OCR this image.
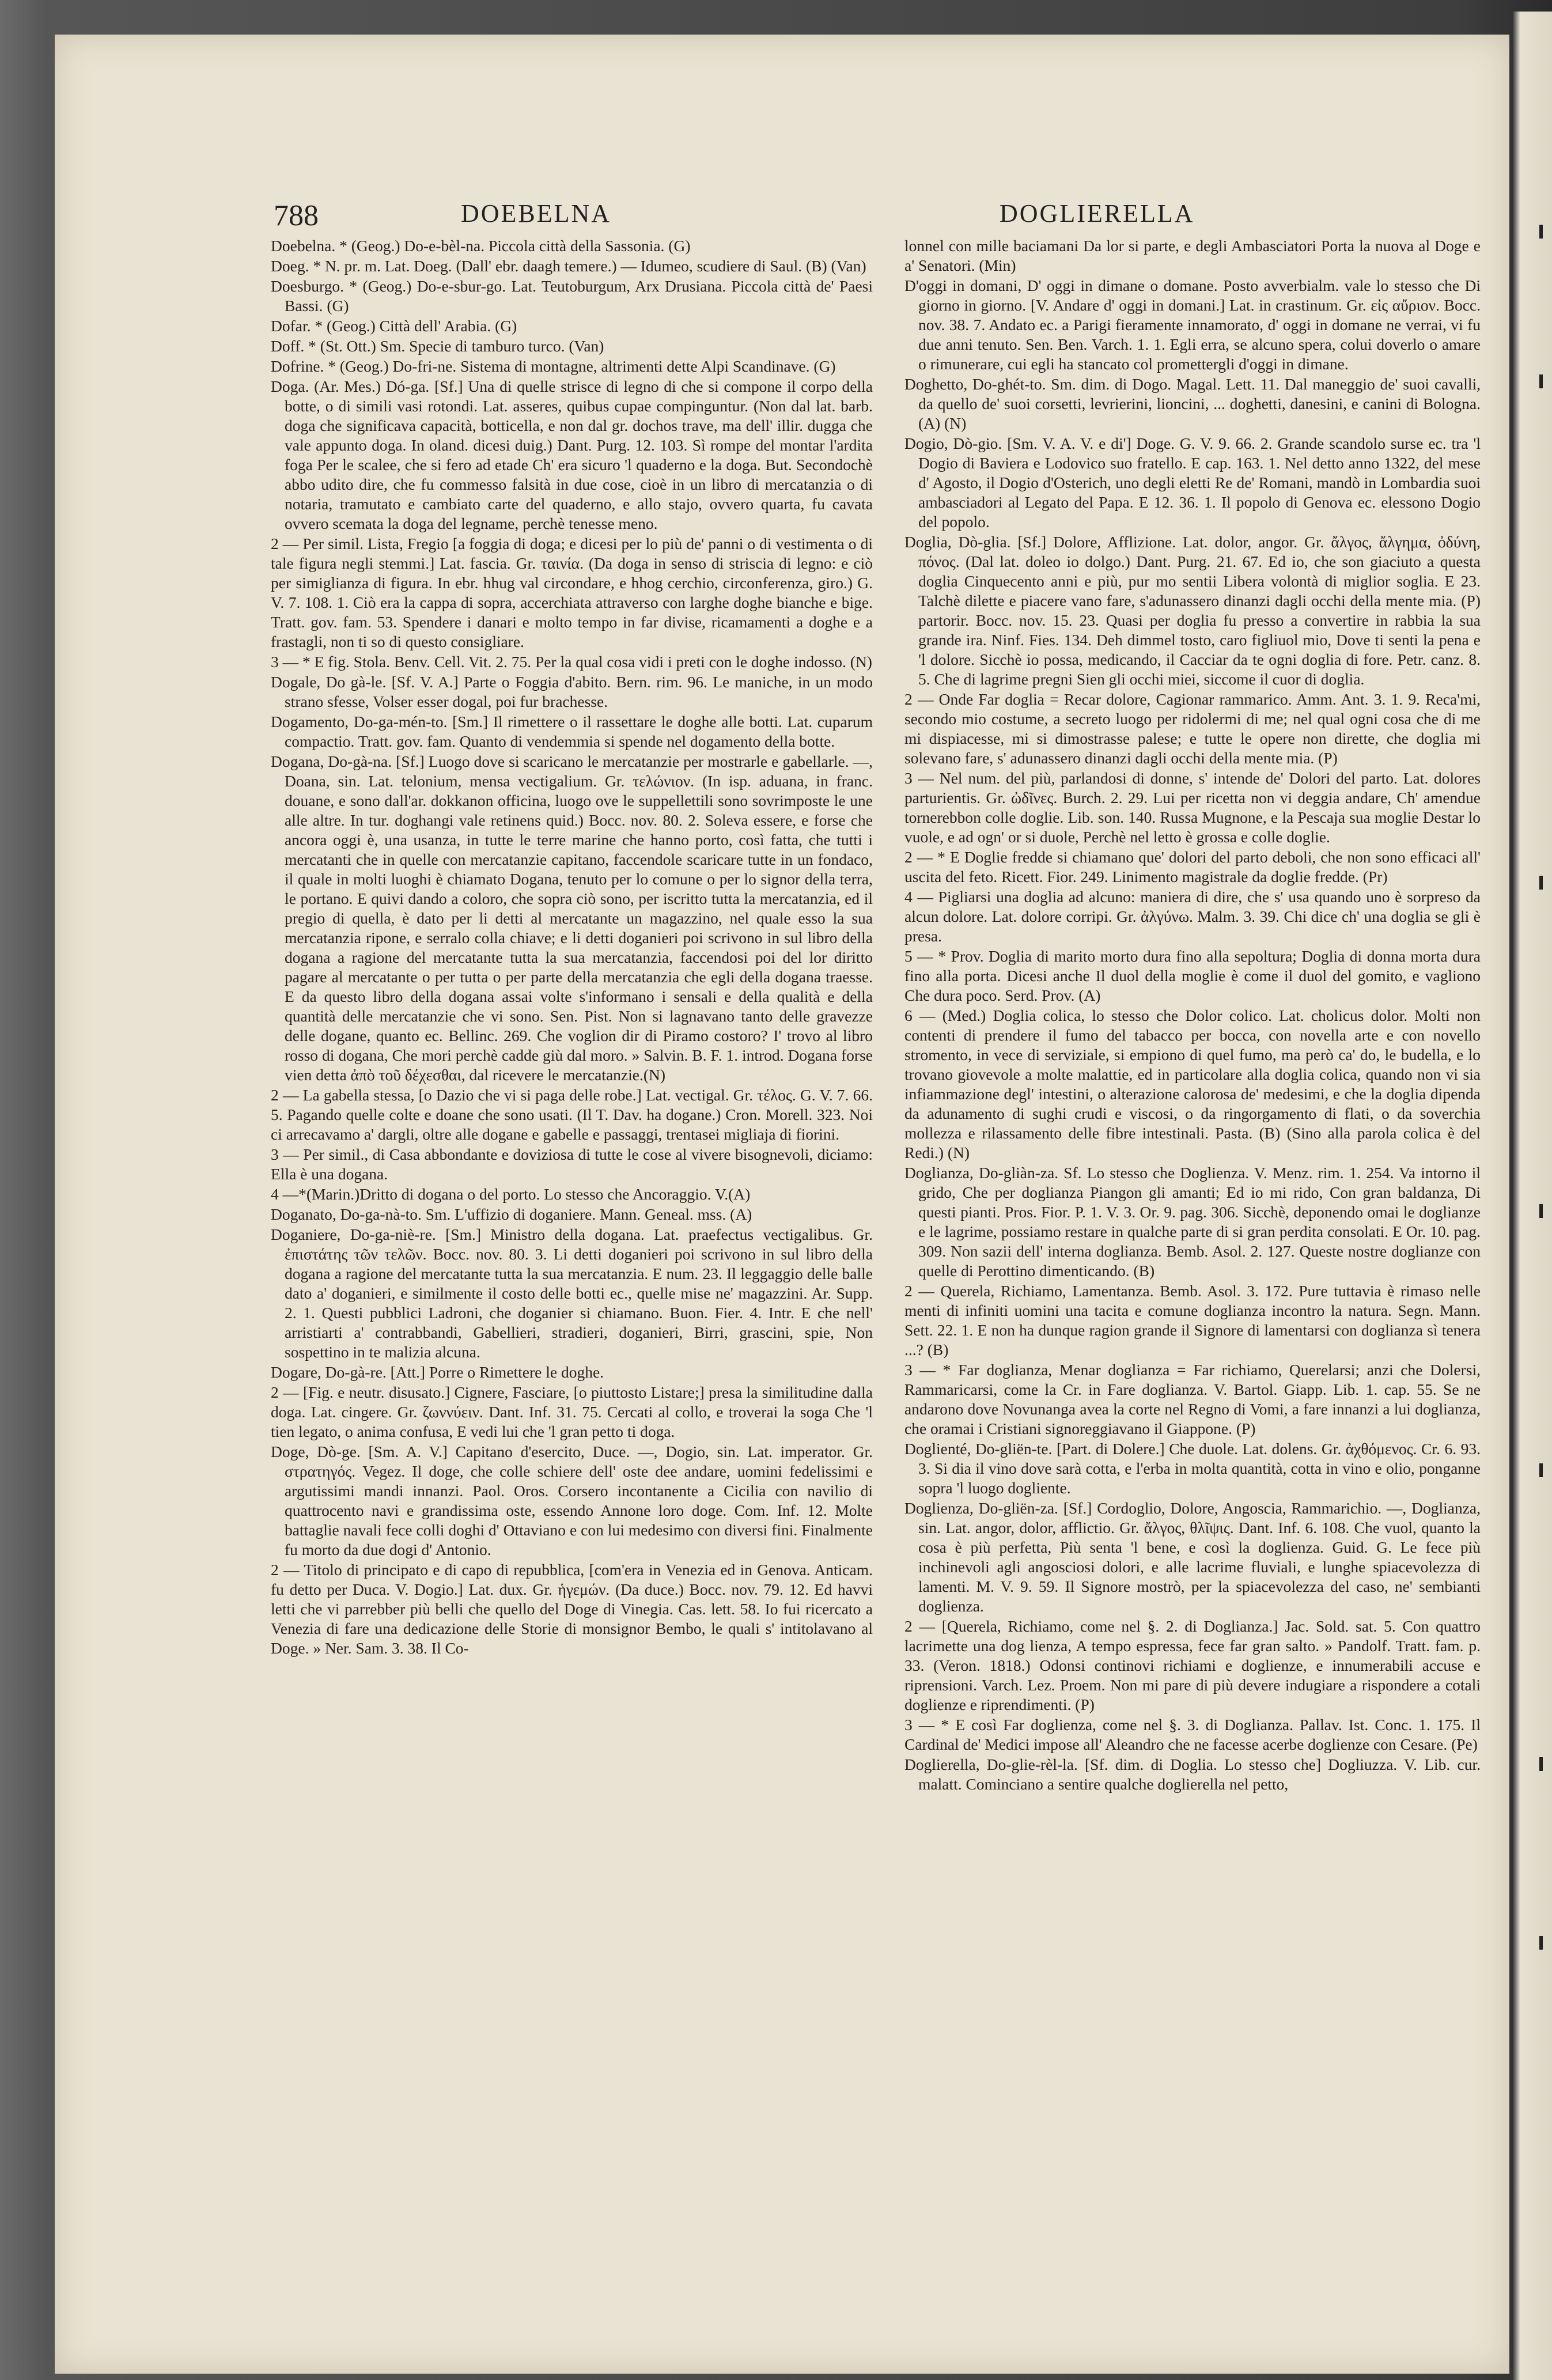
788	DOEBELNA	DOGLIERELLA

Doebelna. * (Geog.) Do-e-bèl-na. Piccola città della Sassonia. (G)

Doeg. * N. pr. m. Lat. Doeg. (Dall' ebr. daagh temere.) — Idumeo, scudiere di Saul. (B) (Van)

Doesburgo. * (Geog.) Do-e-sbur-go. Lat. Teutoburgum, Arx Drusiana. Piccola città de' Paesi Bassi. (G)

Dofar. * (Geog.) Città dell' Arabia. (G)

Doff. * (St. Ott.) Sm. Specie di tamburo turco. (Van)

Dofrine. * (Geog.) Do-fri-ne. Sistema di montagne, altrimenti dette Alpi Scandinave. (G)

Doga. (Ar. Mes.) Dó-ga. [Sf.] Una di quelle strisce di legno di che si compone il corpo della botte, o di simili vasi rotondi. Lat. asseres, quibus cupae compinguntur. (Non dal lat. barb. doga che significava capacità, botticella, e non dal gr. dochos trave, ma dell' illir. dugga che vale appunto doga. In oland. dicesi duig.) Dant. Purg. 12. 103. Sì rompe del montar l'ardita foga Per le scalee, che si fero ad etade Ch' era sicuro 'l quaderno e la doga. But. Secondochè abbo udito dire, che fu commesso falsità in due cose, cioè in un libro di mercatanzia o di notaria, tramutato e cambiato carte del quaderno, e allo stajo, ovvero quarta, fu cavata ovvero scemata la doga del legname, perchè tenesse meno.

2 — Per simil. Lista, Fregio [a foggia di doga; e dicesi per lo più de' panni o di vestimenta o di tale figura negli stemmi.] Lat. fascia. Gr. ταινία. (Da doga in senso di striscia di legno: e ciò per simiglianza di figura. In ebr. hhug val circondare, e hhog cerchio, circonferenza, giro.) G. V. 7. 108. 1. Ciò era la cappa di sopra, accerchiata attraverso con larghe doghe bianche e bige. Tratt. gov. fam. 53. Spendere i danari e molto tempo in far divise, ricamamenti a doghe e a frastagli, non ti so di questo consigliare.

3 — * E fig. Stola. Benv. Cell. Vit. 2. 75. Per la qual cosa vidi i preti con le doghe indosso. (N)

Dogale, Do gà-le. [Sf. V. A.] Parte o Foggia d'abito. Bern. rim. 96. Le maniche, in un modo strano sfesse, Volser esser dogal, poi fur brachesse.

Dogamento, Do-ga-mén-to. [Sm.] Il rimettere o il rassettare le doghe alle botti. Lat. cuparum compactio. Tratt. gov. fam. Quanto di vendemmia si spende nel dogamento della botte.

Dogana, Do-gà-na. [Sf.] Luogo dove si scaricano le mercatanzie per mostrarle e gabellarle. —, Doana, sin. Lat. telonium, mensa vectigalium. Gr. τελώνιον. (In isp. aduana, in franc. douane, e sono dall'ar. dokkanon officina, luogo ove le suppellettili sono sovrimposte le une alle altre. In tur. doghangi vale retinens quid.) Bocc. nov. 80. 2. Soleva essere, e forse che ancora oggi è, una usanza, in tutte le terre marine che hanno porto, così fatta, che tutti i mercatanti che in quelle con mercatanzie capitano, faccendole scaricare tutte in un fondaco, il quale in molti luoghi è chiamato Dogana, tenuto per lo comune o per lo signor della terra, le portano. E quivi dando a coloro, che sopra ciò sono, per iscritto tutta la mercatanzia, ed il pregio di quella, è dato per li detti al mercatante un magazzino, nel quale esso la sua mercatanzia ripone, e serralo colla chiave; e li detti doganieri poi scrivono in sul libro della dogana a ragione del mercatante tutta la sua mercatanzia, faccendosi poi del lor diritto pagare al mercatante o per tutta o per parte della mercatanzia che egli della dogana traesse. E da questo libro della dogana assai volte s'informano i sensali e della qualità e della quantità delle mercatanzie che vi sono. Sen. Pist. Non si lagnavano tanto delle gravezze delle dogane, quanto ec. Bellinc. 269. Che voglion dir di Piramo costoro? I' trovo al libro rosso di dogana, Che mori perchè cadde giù dal moro. » Salvin. B. F. 1. introd. Dogana forse vien detta ἀπὸ τοῦ δέχεσθαι, dal ricevere le mercatanzie.(N)

2 — La gabella stessa, [o Dazio che vi si paga delle robe.] Lat. vectigal. Gr. τέλος. G. V. 7. 66. 5. Pagando quelle colte e doane che sono usati. (Il T. Dav. ha dogane.) Cron. Morell. 323. Noi ci arrecavamo a' dargli, oltre alle dogane e gabelle e passaggi, trentasei migliaja di fiorini.

3 — Per simil., di Casa abbondante e doviziosa di tutte le cose al vivere bisognevoli, diciamo: Ella è una dogana.

4 —*(Marin.)Dritto di dogana o del porto. Lo stesso che Ancoraggio. V.(A)

Doganato, Do-ga-nà-to. Sm. L'uffizio di doganiere. Mann. Geneal. mss. (A)

Doganiere, Do-ga-niè-re. [Sm.] Ministro della dogana. Lat. praefectus vectigalibus. Gr. ἐπιστάτης τῶν τελῶν. Bocc. nov. 80. 3. Li detti doganieri poi scrivono in sul libro della dogana a ragione del mercatante tutta la sua mercatanzia. E num. 23. Il leggaggio delle balle dato a' doganieri, e similmente il costo delle botti ec., quelle mise ne' magazzini. Ar. Supp. 2. 1. Questi pubblici Ladroni, che doganier si chiamano. Buon. Fier. 4. Intr. E che nell' arristiarti a' contrabbandi, Gabellieri, stradieri, doganieri, Birri, grascini, spie, Non sospettino in te malizia alcuna.

Dogare, Do-gà-re. [Att.] Porre o Rimettere le doghe.

2 — [Fig. e neutr. disusato.] Cignere, Fasciare, [o piuttosto Listare;] presa la similitudine dalla doga. Lat. cingere. Gr. ζωννύειν. Dant. Inf. 31. 75. Cercati al collo, e troverai la soga Che 'l tien legato, o anima confusa, E vedi lui che 'l gran petto ti doga.

Doge, Dò-ge. [Sm. A. V.] Capitano d'esercito, Duce. —, Dogio, sin. Lat. imperator. Gr. στρατηγός. Vegez. Il doge, che colle schiere dell' oste dee andare, uomini fedelissimi e argutissimi mandi innanzi. Paol. Oros. Corsero incontanente a Cicilia con navilio di quattrocento navi e grandissima oste, essendo Annone loro doge. Com. Inf. 12. Molte battaglie navali fece colli doghi d' Ottaviano e con lui medesimo con diversi fini. Finalmente fu morto da due dogi d' Antonio.

2 — Titolo di principato e di capo di repubblica, [com'era in Venezia ed in Genova. Anticam. fu detto per Duca. V. Dogio.] Lat. dux. Gr. ἡγεμών. (Da duce.) Bocc. nov. 79. 12. Ed havvi letti che vi parrebber più belli che quello del Doge di Vinegia. Cas. lett. 58. Io fui ricercato a Venezia di fare una dedicazione delle Storie di monsignor Bembo, le quali s' intitolavano al Doge. » Ner. Sam. 3. 38. Il Co-

lonnel con mille baciamani Da lor si parte, e degli Ambasciatori Porta la nuova al Doge e a' Senatori. (Min)

D'oggi in domani, D' oggi in dimane o domane. Posto avverbialm. vale lo stesso che Di giorno in giorno. [V. Andare d' oggi in domani.] Lat. in crastinum. Gr. εἰς αὔριον. Bocc. nov. 38. 7. Andato ec. a Parigi fieramente innamorato, d' oggi in domane ne verrai, vi fu due anni tenuto. Sen. Ben. Varch. 1. 1. Egli erra, se alcuno spera, colui doverlo o amare o rimunerare, cui egli ha stancato col promettergli d'oggi in dimane.

Doghetto, Do-ghét-to. Sm. dim. di Dogo. Magal. Lett. 11. Dal maneggio de' suoi cavalli, da quello de' suoi corsetti, levrierini, lioncini, ... doghetti, danesini, e canini di Bologna. (A) (N)

Dogio, Dò-gio. [Sm. V. A. V. e di'] Doge. G. V. 9. 66. 2. Grande scandolo surse ec. tra 'l Dogio di Baviera e Lodovico suo fratello. E cap. 163. 1. Nel detto anno 1322, del mese d' Agosto, il Dogio d'Osterich, uno degli eletti Re de' Romani, mandò in Lombardia suoi ambasciadori al Legato del Papa. E 12. 36. 1. Il popolo di Genova ec. elessono Dogio del popolo.

Doglia, Dò-glia. [Sf.] Dolore, Afflizione. Lat. dolor, angor. Gr. ἄλγος, ἄλγημα, ὀδύνη, πόνος. (Dal lat. doleo io dolgo.) Dant. Purg. 21. 67. Ed io, che son giaciuto a questa doglia Cinquecento anni e più, pur mo sentii Libera volontà di miglior soglia. E 23. Talchè dilette e piacere vano fare, s'adunassero dinanzi dagli occhi della mente mia. (P) partorir. Bocc. nov. 15. 23. Quasi per doglia fu presso a convertire in rabbia la sua grande ira. Ninf. Fies. 134. Deh dimmel tosto, caro figliuol mio, Dove ti senti la pena e 'l dolore. Sicchè io possa, medicando, il Cacciar da te ogni doglia di fore. Petr. canz. 8. 5. Che di lagrime pregni Sien gli occhi miei, siccome il cuor di doglia.

2 — Onde Far doglia = Recar dolore, Cagionar rammarico. Amm. Ant. 3. 1. 9. Reca'mi, secondo mio costume, a secreto luogo per ridolermi di me; nel qual ogni cosa che di me mi dispiacesse, mi si dimostrasse palese; e tutte le opere non dirette, che doglia mi solevano fare, s' adunassero dinanzi dagli occhi della mente mia. (P)

3 — Nel num. del più, parlandosi di donne, s' intende de' Dolori del parto. Lat. dolores parturientis. Gr. ὠδῖνες. Burch. 2. 29. Lui per ricetta non vi deggia andare, Ch' amendue tornerebbon colle doglie. Lib. son. 140. Russa Mugnone, e la Pescaja sua moglie Destar lo vuole, e ad ogn' or si duole, Perchè nel letto è grossa e colle doglie.

2 — * E Doglie fredde si chiamano que' dolori del parto deboli, che non sono efficaci all' uscita del feto. Ricett. Fior. 249. Linimento magistrale da doglie fredde. (Pr)

4 — Pigliarsi una doglia ad alcuno: maniera di dire, che s' usa quando uno è sorpreso da alcun dolore. Lat. dolore corripi. Gr. ἀλγύνω. Malm. 3. 39. Chi dice ch' una doglia se gli è presa.

5 — * Prov. Doglia di marito morto dura fino alla sepoltura; Doglia di donna morta dura fino alla porta. Dicesi anche Il duol della moglie è come il duol del gomito, e vagliono Che dura poco. Serd. Prov. (A)

6 — (Med.) Doglia colica, lo stesso che Dolor colico. Lat. cholicus dolor. Molti non contenti di prendere il fumo del tabacco per bocca, con novella arte e con novello stromento, in vece di serviziale, si empiono di quel fumo, ma però ca' do, le budella, e lo trovano giovevole a molte malattie, ed in particolare alla doglia colica, quando non vi sia infiammazione degl' intestini, o alterazione calorosa de' medesimi, e che la doglia dipenda da adunamento di sughi crudi e viscosi, o da ringorgamento di flati, o da soverchia mollezza e rilassamento delle fibre intestinali. Pasta. (B) (Sino alla parola colica è del Redi.) (N)

Doglianza, Do-gliàn-za. Sf. Lo stesso che Doglienza. V. Menz. rim. 1. 254. Va intorno il grido, Che per doglianza Piangon gli amanti; Ed io mi rido, Con gran baldanza, Di questi pianti. Pros. Fior. P. 1. V. 3. Or. 9. pag. 306. Sicchè, deponendo omai le doglianze e le lagrime, possiamo restare in qualche parte di si gran perdita consolati. E Or. 10. pag. 309. Non sazii dell' interna doglianza. Bemb. Asol. 2. 127. Queste nostre doglianze con quelle di Perottino dimenticando. (B)

2 — Querela, Richiamo, Lamentanza. Bemb. Asol. 3. 172. Pure tuttavia è rimaso nelle menti di infiniti uomini una tacita e comune doglianza incontro la natura. Segn. Mann. Sett. 22. 1. E non ha dunque ragion grande il Signore di lamentarsi con doglianza sì tenera ...? (B)

3 — * Far doglianza, Menar doglianza = Far richiamo, Querelarsi; anzi che Dolersi, Rammaricarsi, come la Cr. in Fare doglianza. V. Bartol. Giapp. Lib. 1. cap. 55. Se ne andarono dove Novunanga avea la corte nel Regno di Vomi, a fare innanzi a lui doglianza, che oramai i Cristiani signoreggiavano il Giappone. (P)

Doglienté, Do-gliën-te. [Part. di Dolere.] Che duole. Lat. dolens. Gr. ἀχθόμενος. Cr. 6. 93. 3. Si dia il vino dove sarà cotta, e l'erba in molta quantità, cotta in vino e olio, ponganne sopra 'l luogo dogliente.

Doglienza, Do-gliën-za. [Sf.] Cordoglio, Dolore, Angoscia, Rammarichio. —, Doglianza, sin. Lat. angor, dolor, afflictio. Gr. ἄλγος, θλῖψις. Dant. Inf. 6. 108. Che vuol, quanto la cosa è più perfetta, Più senta 'l bene, e così la doglienza. Guid. G. Le fece più inchinevoli agli angosciosi dolori, e alle lacrime fluviali, e lunghe spiacevolezza di lamenti. M. V. 9. 59. Il Signore mostrò, per la spiacevolezza del caso, ne' sembianti doglienza.

2 — [Querela, Richiamo, come nel §. 2. di Doglianza.] Jac. Sold. sat. 5. Con quattro lacrimette una dog lienza, A tempo espressa, fece far gran salto. » Pandolf. Tratt. fam. p. 33. (Veron. 1818.) Odonsi continovi richiami e doglienze, e innumerabili accuse e riprensioni. Varch. Lez. Proem. Non mi pare di più devere indugiare a rispondere a cotali doglienze e riprendimenti. (P)

3 — * E così Far doglienza, come nel §. 3. di Doglianza. Pallav. Ist. Conc. 1. 175. Il Cardinal de' Medici impose all' Aleandro che ne facesse acerbe doglienze con Cesare. (Pe)

Doglierella, Do-glie-rèl-la. [Sf. dim. di Doglia. Lo stesso che] Dogliuzza. V. Lib. cur. malatt. Cominciano a sentire qualche doglierella nel petto,
